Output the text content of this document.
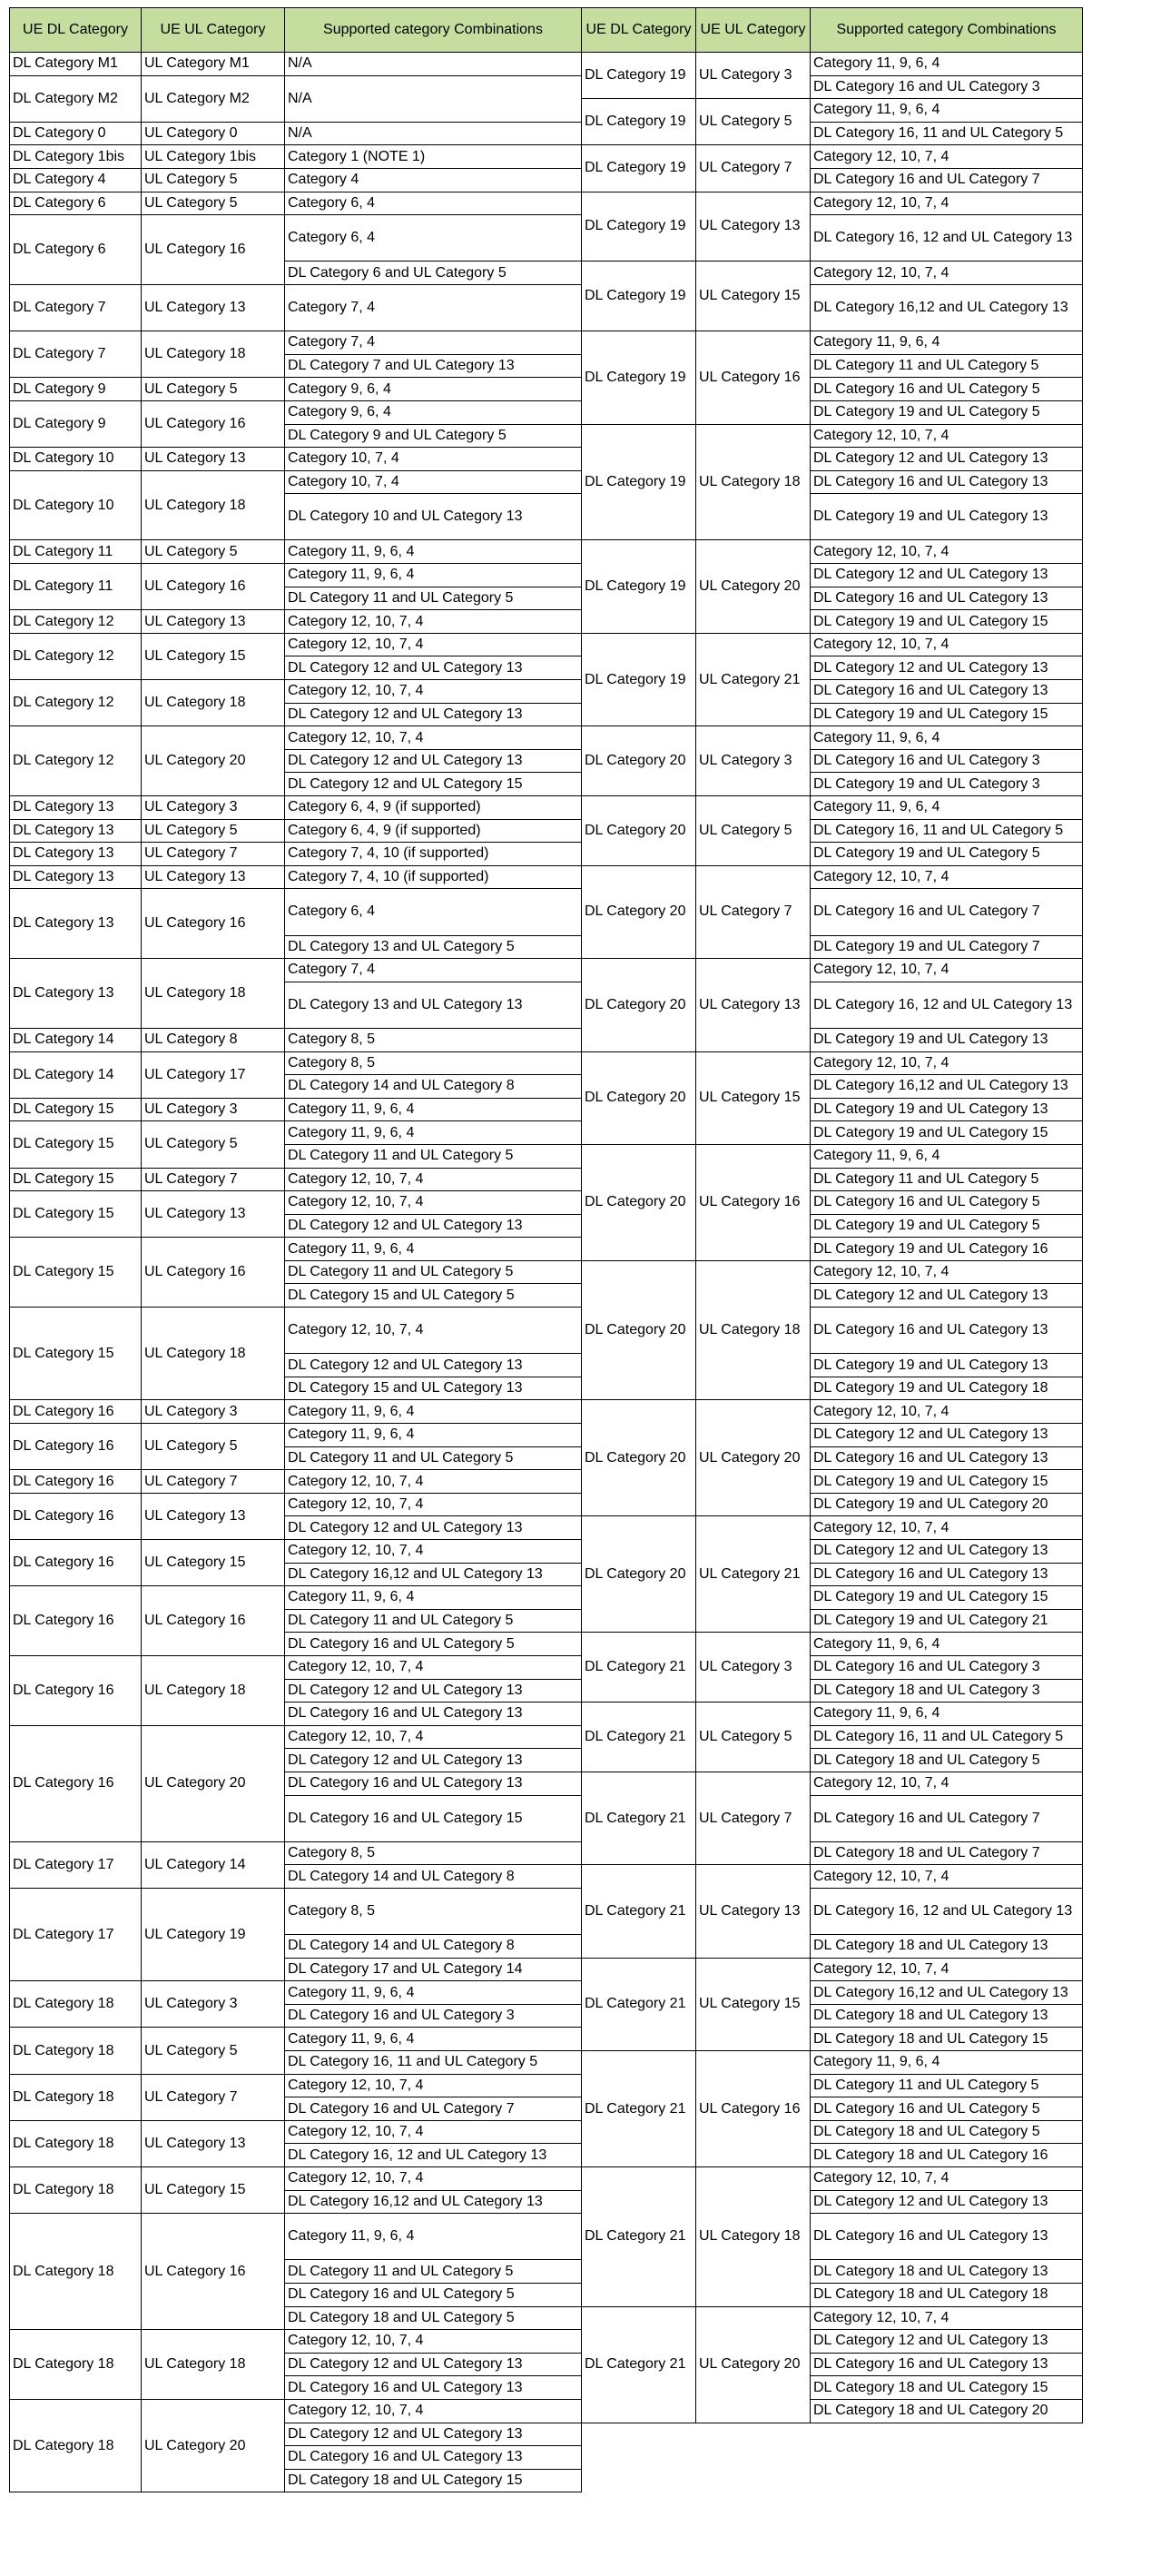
UE DL Category	UE UL Category	Supported category Combinations
DL Category M1	UL Category M1	N/A
DL Category M2	UL Category M2	N/A
DL Category 0	UL Category 0	N/A
DL Category 1bis	UL Category 1bis	Category 1 (NOTE 1)
DL Category 4	UL Category 5	Category 4
DL Category 6	UL Category 5	Category 6, 4
DL Category 6	UL Category 16	Category 6, 4
		DL Category 6 and UL Category 5
DL Category 7	UL Category 13	Category 7, 4
DL Category 7	UL Category 18	Category 7, 4
		DL Category 7 and UL Category 13
DL Category 9	UL Category 5	Category 9, 6, 4
DL Category 9	UL Category 16	Category 9, 6, 4
		DL Category 9 and UL Category 5
DL Category 10	UL Category 13	Category 10, 7, 4
DL Category 10	UL Category 18	Category 10, 7, 4
		DL Category 10 and UL Category 13
DL Category 11	UL Category 5	Category 11, 9, 6, 4
DL Category 11	UL Category 16	Category 11, 9, 6, 4
		DL Category 11 and UL Category 5
DL Category 12	UL Category 13	Category 12, 10, 7, 4
DL Category 12	UL Category 15	Category 12, 10, 7, 4
		DL Category 12 and UL Category 13
DL Category 12	UL Category 18	Category 12, 10, 7, 4
		DL Category 12 and UL Category 13
DL Category 12	UL Category 20	Category 12, 10, 7, 4
		DL Category 12 and UL Category 13
		DL Category 12 and UL Category 15
DL Category 13	UL Category 3	Category 6, 4, 9 (if supported)
DL Category 13	UL Category 5	Category 6, 4, 9 (if supported)
DL Category 13	UL Category 7	Category 7, 4, 10 (if supported)
DL Category 13	UL Category 13	Category 7, 4, 10 (if supported)
DL Category 13	UL Category 16	Category 6, 4
		DL Category 13 and UL Category 5
DL Category 13	UL Category 18	Category 7, 4
		DL Category 13 and UL Category 13
DL Category 14	UL Category 8	Category 8, 5
DL Category 14	UL Category 17	Category 8, 5
		DL Category 14 and UL Category 8
DL Category 15	UL Category 3	Category 11, 9, 6, 4
DL Category 15	UL Category 5	Category 11, 9, 6, 4
		DL Category 11 and UL Category 5
DL Category 15	UL Category 7	Category 12, 10, 7, 4
DL Category 15	UL Category 13	Category 12, 10, 7, 4
		DL Category 12 and UL Category 13
DL Category 15	UL Category 16	Category 11, 9, 6, 4
		DL Category 11 and UL Category 5
		DL Category 15 and UL Category 5
DL Category 15	UL Category 18	Category 12, 10, 7, 4
		DL Category 12 and UL Category 13
		DL Category 15 and UL Category 13
DL Category 16	UL Category 3	Category 11, 9, 6, 4
DL Category 16	UL Category 5	Category 11, 9, 6, 4
		DL Category 11 and UL Category 5
DL Category 16	UL Category 7	Category 12, 10, 7, 4
DL Category 16	UL Category 13	Category 12, 10, 7, 4
		DL Category 12 and UL Category 13
DL Category 16	UL Category 15	Category 12, 10, 7, 4
		DL Category 16,12 and UL Category 13
DL Category 16	UL Category 16	Category 11, 9, 6, 4
		DL Category 11 and UL Category 5
		DL Category 16 and UL Category 5
DL Category 16	UL Category 18	Category 12, 10, 7, 4
		DL Category 12 and UL Category 13
		DL Category 16 and UL Category 13
DL Category 16	UL Category 20	Category 12, 10, 7, 4
		DL Category 12 and UL Category 13
		DL Category 16 and UL Category 13
		DL Category 16 and UL Category 15
DL Category 17	UL Category 14	Category 8, 5
		DL Category 14 and UL Category 8
DL Category 17	UL Category 19	Category 8, 5
		DL Category 14 and UL Category 8
		DL Category 17 and UL Category 14
DL Category 18	UL Category 3	Category 11, 9, 6, 4
		DL Category 16 and UL Category 3
DL Category 18	UL Category 5	Category 11, 9, 6, 4
		DL Category 16, 11 and UL Category 5
DL Category 18	UL Category 7	Category 12, 10, 7, 4
		DL Category 16 and UL Category 7
DL Category 18	UL Category 13	Category 12, 10, 7, 4
		DL Category 16, 12 and UL Category 13
DL Category 18	UL Category 15	Category 12, 10, 7, 4
		DL Category 16,12 and UL Category 13
DL Category 18	UL Category 16	Category 11, 9, 6, 4
		DL Category 11 and UL Category 5
		DL Category 16 and UL Category 5
		DL Category 18 and UL Category 5
DL Category 18	UL Category 18	Category 12, 10, 7, 4
		DL Category 12 and UL Category 13
		DL Category 16 and UL Category 13
DL Category 18	UL Category 20	Category 12, 10, 7, 4
		DL Category 12 and UL Category 13
		DL Category 16 and UL Category 13
		DL Category 18 and UL Category 15
UE DL Category	UE UL Category	Supported category Combinations
DL Category 19	UL Category 3	Category 11, 9, 6, 4
		DL Category 16 and UL Category 3
DL Category 19	UL Category 5	Category 11, 9, 6, 4
		DL Category 16, 11 and UL Category 5
DL Category 19	UL Category 7	Category 12, 10, 7, 4
		DL Category 16 and UL Category 7
DL Category 19	UL Category 13	Category 12, 10, 7, 4
		DL Category 16, 12 and UL Category 13
DL Category 19	UL Category 15	Category 12, 10, 7, 4
		DL Category 16,12 and UL Category 13
DL Category 19	UL Category 16	Category 11, 9, 6, 4
		DL Category 11 and UL Category 5
		DL Category 16 and UL Category 5
		DL Category 19 and UL Category 5
DL Category 19	UL Category 18	Category 12, 10, 7, 4
		DL Category 12 and UL Category 13
		DL Category 16 and UL Category 13
		DL Category 19 and UL Category 13
DL Category 19	UL Category 20	Category 12, 10, 7, 4
		DL Category 12 and UL Category 13
		DL Category 16 and UL Category 13
		DL Category 19 and UL Category 15
DL Category 19	UL Category 21	Category 12, 10, 7, 4
		DL Category 12 and UL Category 13
		DL Category 16 and UL Category 13
		DL Category 19 and UL Category 15
DL Category 20	UL Category 3	Category 11, 9, 6, 4
		DL Category 16 and UL Category 3
		DL Category 19 and UL Category 3
DL Category 20	UL Category 5	Category 11, 9, 6, 4
		DL Category 16, 11 and UL Category 5
		DL Category 19 and UL Category 5
DL Category 20	UL Category 7	Category 12, 10, 7, 4
		DL Category 16 and UL Category 7
		DL Category 19 and UL Category 7
DL Category 20	UL Category 13	Category 12, 10, 7, 4
		DL Category 16, 12 and UL Category 13
		DL Category 19 and UL Category 13
DL Category 20	UL Category 15	Category 12, 10, 7, 4
		DL Category 16,12 and UL Category 13
		DL Category 19 and UL Category 13
		DL Category 19 and UL Category 15
DL Category 20	UL Category 16	Category 11, 9, 6, 4
		DL Category 11 and UL Category 5
		DL Category 16 and UL Category 5
		DL Category 19 and UL Category 5
		DL Category 19 and UL Category 16
DL Category 20	UL Category 18	Category 12, 10, 7, 4
		DL Category 12 and UL Category 13
		DL Category 16 and UL Category 13
		DL Category 19 and UL Category 13
		DL Category 19 and UL Category 18
DL Category 20	UL Category 20	Category 12, 10, 7, 4
		DL Category 12 and UL Category 13
		DL Category 16 and UL Category 13
		DL Category 19 and UL Category 15
		DL Category 19 and UL Category 20
DL Category 20	UL Category 21	Category 12, 10, 7, 4
		DL Category 12 and UL Category 13
		DL Category 16 and UL Category 13
		DL Category 19 and UL Category 15
		DL Category 19 and UL Category 21
DL Category 21	UL Category 3	Category 11, 9, 6, 4
		DL Category 16 and UL Category 3
		DL Category 18 and UL Category 3
DL Category 21	UL Category 5	Category 11, 9, 6, 4
		DL Category 16, 11 and UL Category 5
		DL Category 18 and UL Category 5
DL Category 21	UL Category 7	Category 12, 10, 7, 4
		DL Category 16 and UL Category 7
		DL Category 18 and UL Category 7
DL Category 21	UL Category 13	Category 12, 10, 7, 4
		DL Category 16, 12 and UL Category 13
		DL Category 18 and UL Category 13
DL Category 21	UL Category 15	Category 12, 10, 7, 4
		DL Category 16,12 and UL Category 13
		DL Category 18 and UL Category 13
		DL Category 18 and UL Category 15
DL Category 21	UL Category 16	Category 11, 9, 6, 4
		DL Category 11 and UL Category 5
		DL Category 16 and UL Category 5
		DL Category 18 and UL Category 5
		DL Category 18 and UL Category 16
DL Category 21	UL Category 18	Category 12, 10, 7, 4
		DL Category 12 and UL Category 13
		DL Category 16 and UL Category 13
		DL Category 18 and UL Category 13
		DL Category 18 and UL Category 18
DL Category 21	UL Category 20	Category 12, 10, 7, 4
		DL Category 12 and UL Category 13
		DL Category 16 and UL Category 13
		DL Category 18 and UL Category 15
		DL Category 18 and UL Category 20
